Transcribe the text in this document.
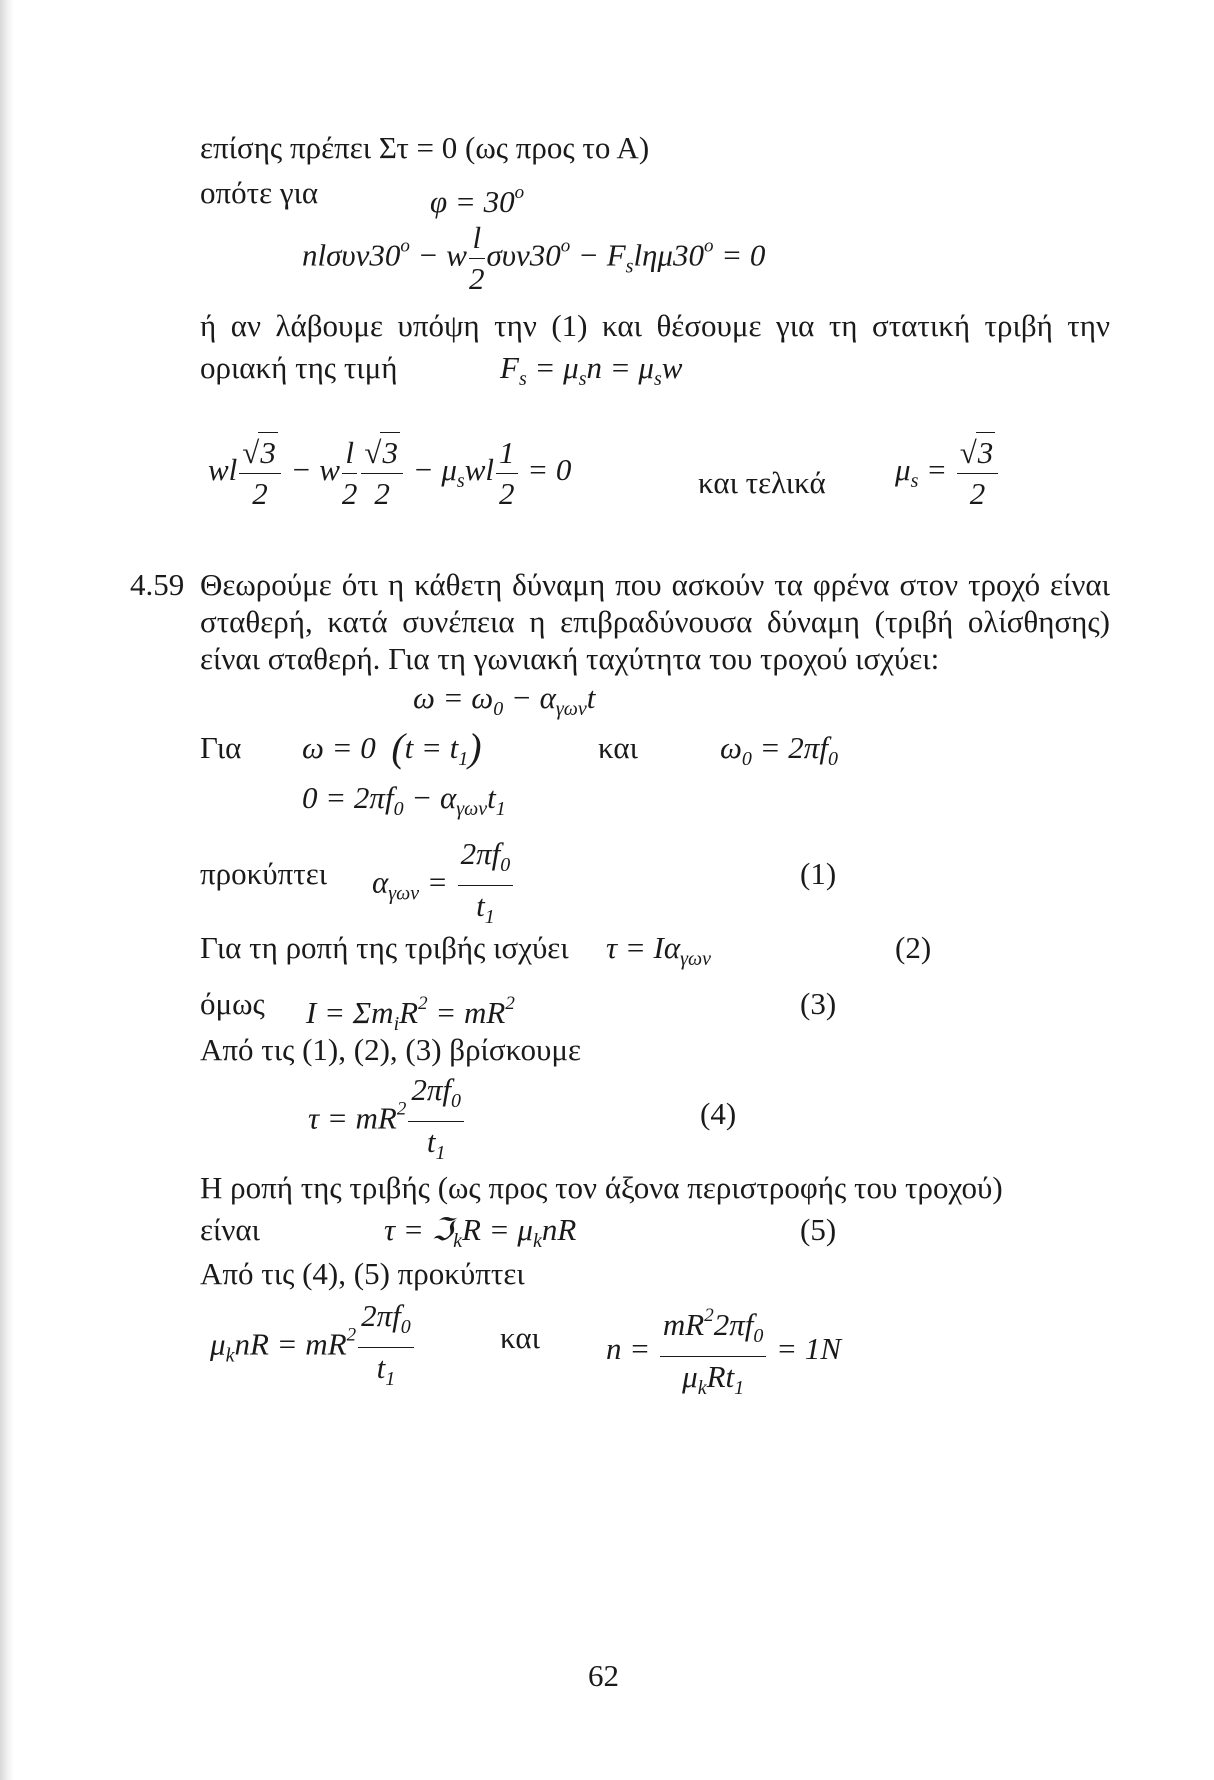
επίσης πρέπει Στ = 0 (ως προς το Α)
οπότε για	$\varphi = 30^o$
$nl\sigma\upsilon\nu 30^o - w \frac{l}{2} \sigma\upsilon\nu 30^o - F_sl\eta\mu 30^o = 0$
ή αν λάβουμε υπόψη την (1) και θέσουμε για τη στατική τριβή την
οριακή της τιμή	$F_s = \mu_sn = \mu_sw$
wl $\frac{√3}{2} - w \frac{l}{2} \frac{√3}{2} - \mu_swl \frac{1}{2} = 0$	και τελικά $\mu_s = \frac{√3}{2}$
4.59 Θεωρούμε ότι η κάθετη δύναμη που ασκούν τα φρένα στον τροχό είναι
σταθερή, κατά συνέπεια η επιβραδύνουσα δύναμη (τριβή ολίσθησης)
είναι σταθερή. Για τη γωνιακή ταχύτητα του τροχού ισχύει:
$\omega = \omega_0 - \alpha_{\gamma\omega\nu}t$
Για ω = 0  $(t = t_1)$	και	$\omega_0 = 2\pi f_0$
$0 = 2\pi f_0 - \alpha_{\gamma\omega\nu}t_1$
προκύπτει $\alpha_{\gamma\omega\nu} = \frac{2\pi f_0}{t_1}$	(1)
Για τη ροπή της τριβής ισχύει $\tau = I\alpha_{\gamma\omega\nu}$	(2)
όμως $I = \Sigma m_iR^2 = mR^2$	(3)
Από τις (1), (2), (3) βρίσκουμε
$\tau = mR^2 \frac{2\pi f_0}{t_1}$	(4)
Η ροπή της τριβής (ως προς τον άξονα περιστροφής του τροχού)
είναι	τ = ℑ$_k$R = $\mu_knR$	(5)
Από τις (4), (5) προκύπτει
$\mu_knR = mR^2 \frac{2\pi f_0}{t_1}$	και $n = \frac{mR^22\pi f_0}{\mu_kRt_1} = 1N$
62
